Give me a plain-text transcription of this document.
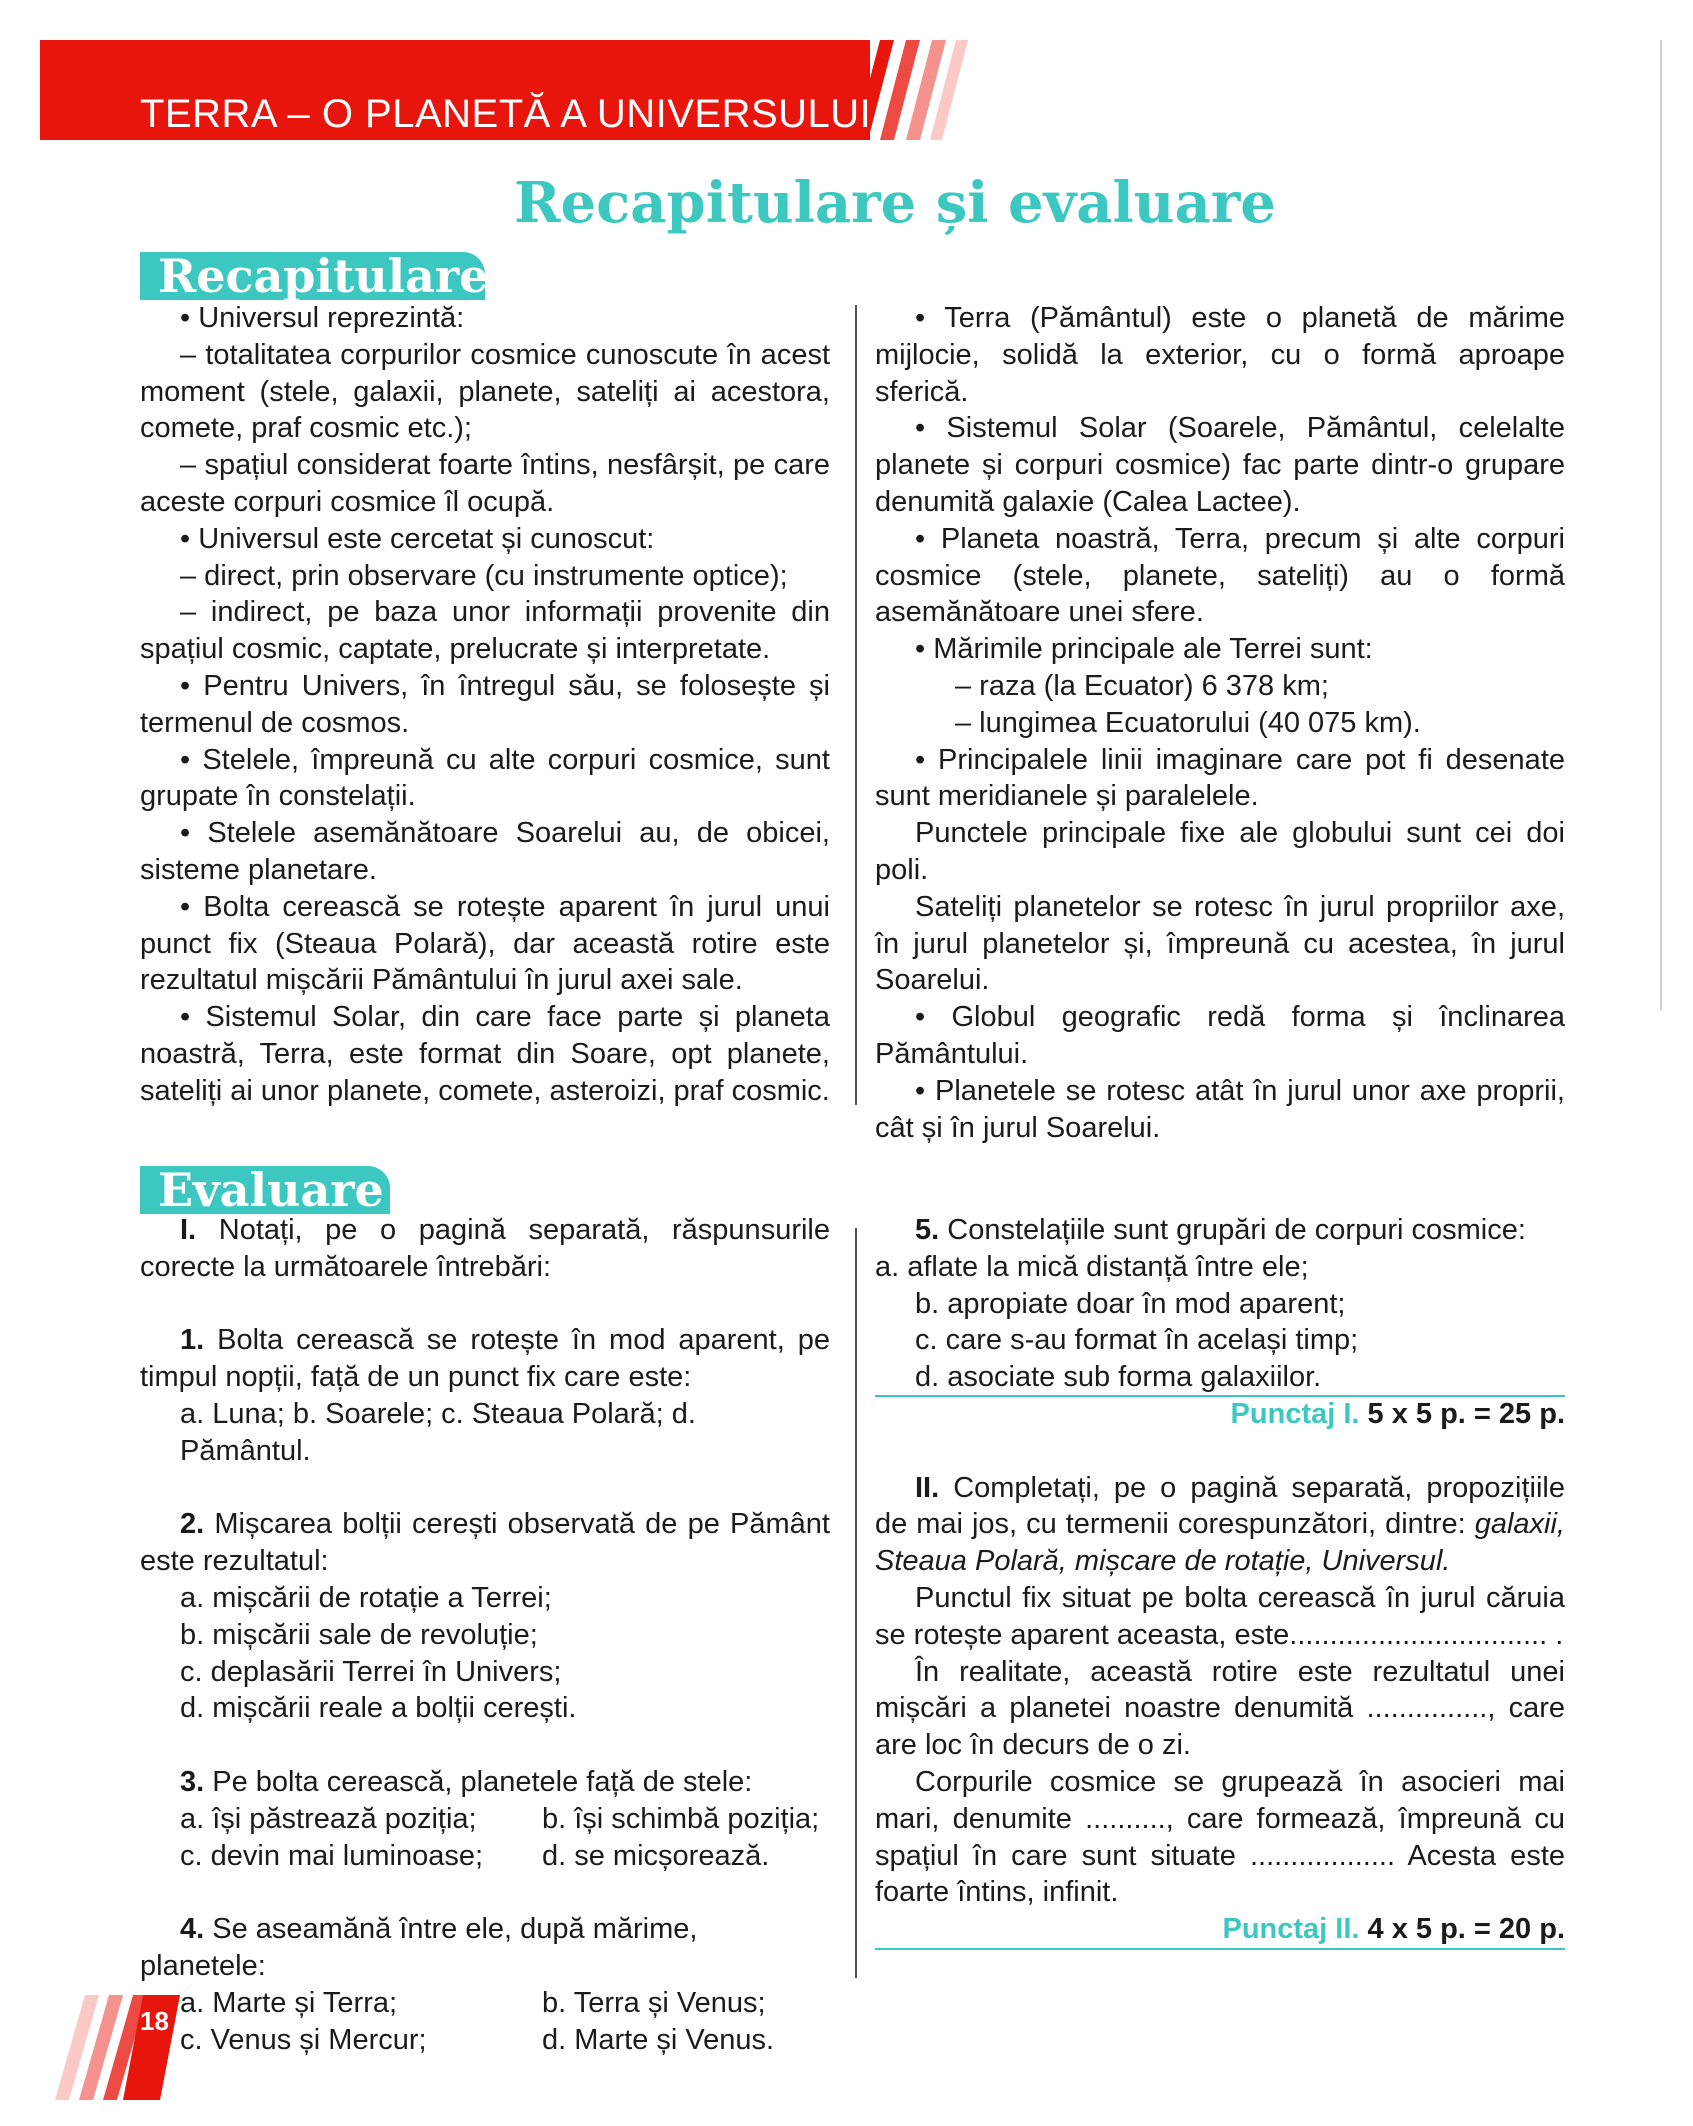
TERRA – O PLANETĂ A UNIVERSULUI
Recapitulare și evaluare
Recapitulare

• Universul reprezintă:

– totalitatea corpurilor cosmice cunoscute în acest moment (stele, galaxii, planete, sateliți ai acestora, comete, praf cosmic etc.);

– spațiul considerat foarte întins, nesfârșit, pe care aceste corpuri cosmice îl ocupă.

• Universul este cercetat și cunoscut:

– direct, prin observare (cu instrumente optice);

– indirect, pe baza unor informații provenite din spațiul cosmic, captate, prelucrate și interpretate.

• Pentru Univers, în întregul său, se folosește și termenul de cosmos.

• Stelele, împreună cu alte corpuri cosmice, sunt grupate în constelații.

• Stelele asemănătoare Soarelui au, de obicei, sisteme planetare.

• Bolta cerească se rotește aparent în jurul unui punct fix (Steaua Polară), dar această rotire este rezultatul mișcării Pământului în jurul axei sale.

• Sistemul Solar, din care face parte și planeta noastră, Terra, este format din Soare, opt planete, sateliți ai unor planete, comete, asteroizi, praf cosmic.

• Terra (Pământul) este o planetă de mărime mijlocie, solidă la exterior, cu o formă aproape sferică.

• Sistemul Solar (Soarele, Pământul, celelalte planete și corpuri cosmice) fac parte dintr-o grupare denumită galaxie (Calea Lactee).

• Planeta noastră, Terra, precum și alte corpuri cosmice (stele, planete, sateliți) au o formă asemănătoare unei sfere.

• Mărimile principale ale Terrei sunt:

– raza (la Ecuator) 6 378 km;

– lungimea Ecuatorului (40 075 km).

• Principalele linii imaginare care pot fi desenate sunt meridianele și paralelele.

Punctele principale fixe ale globului sunt cei doi poli.

Sateliți planetelor se rotesc în jurul propriilor axe, în jurul planetelor și, împreună cu acestea, în jurul Soarelui.

• Globul geografic redă forma și înclinarea Pământului.

• Planetele se rotesc atât în jurul unor axe proprii, cât și în jurul Soarelui.

Evaluare

I. Notați, pe o pagină separată, răspunsurile corecte la următoarele întrebări:

1. Bolta cerească se rotește în mod aparent, pe timpul nopții, față de un punct fix care este:

a. Luna; b. Soarele; c. Steaua Polară; d. Pământul.

2. Mișcarea bolții cerești observată de pe Pământ este rezultatul:

a. mișcării de rotație a Terrei;

b. mișcării sale de revoluție;

c. deplasării Terrei în Univers;

d. mișcării reale a bolții cerești.

3. Pe bolta cerească, planetele față de stele:

a. își păstrează poziția;	b. își schimbă poziția;
c. devin mai luminoase;	d. se micșorează.

4. Se aseamănă între ele, după mărime, planetele:

a. Marte și Terra;	b. Terra și Venus;
c. Venus și Mercur;	d. Marte și Venus.

5. Constelațiile sunt grupări de corpuri cosmice:

a. aflate la mică distanță între ele;

b. apropiate doar în mod aparent;

c. care s-au format în același timp;

d. asociate sub forma galaxiilor.

Punctaj I. 5 x 5 p. = 25 p.

II. Completați, pe o pagină separată, propozițiile de mai jos, cu termenii corespunzători, dintre: galaxii, Steaua Polară, mișcare de rotație, Universul.

Punctul fix situat pe bolta cerească în jurul căruia se rotește aparent aceasta, este................................ .

În realitate, această rotire este rezultatul unei mișcări a planetei noastre denumită ..............., care are loc în decurs de o zi.

Corpurile cosmice se grupează în asocieri mai mari, denumite .........., care formează, împreună cu spațiul în care sunt situate .................. Acesta este foarte întins, infinit.

Punctaj II. 4 x 5 p. = 20 p.
18
